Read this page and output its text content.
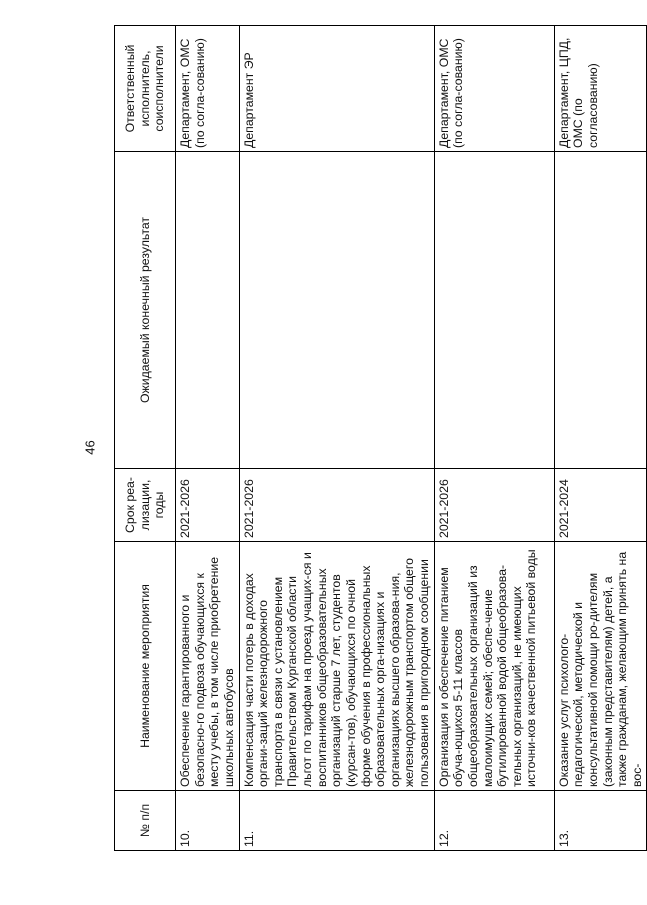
46
№ п/п	Наименование мероприятия	Срок реа-лизации, годы	Ожидаемый конечный результат	Ответственный исполнитель, соисполнители
10.	Обеспечение гарантированного и безопасно-го подвоза обучающихся к месту учебы, в том числе приобретение школьных автобусов	2021-2026		Департамент, ОМС (по согла-сованию)
11.	Компенсация части потерь в доходах органи-заций железнодорожного транспорта в связи с установлением Правительством Курганской области льгот по тарифам на проезд учащих-ся и воспитанников общеобразовательных организаций старше 7 лет, студентов (курсан-тов), обучающихся по очной форме обучения в профессиональных образовательных орга-низациях и организациях высшего образова-ния, железнодорожным транспортом общего пользования в пригородном сообщении	2021-2026		Департамент ЭР
12.	Организация и обеспечение питанием обуча-ющихся 5-11 классов общеобразовательных организаций из малоимущих семей; обеспе-чение бутилированной водой общеобразова-тельных организаций, не имеющих источни-ков качественной питьевой воды	2021-2026		Департамент, ОМС (по согла-сованию)
13.	Оказание услуг психолого-педагогической, методической и консультативной помощи ро-дителям (законным представителям) детей, а также гражданам, желающим принять на вос-	2021-2024		Департамент, ЦПД, ОМС (по согласованию)
